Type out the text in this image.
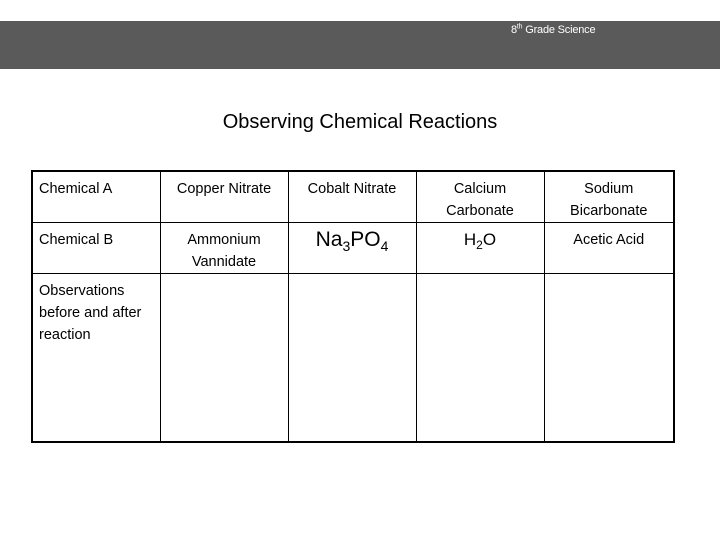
8th Grade Science
Observing Chemical Reactions
Chemical A	Copper Nitrate	Cobalt Nitrate	Calcium Carbonate	Sodium Bicarbonate
Chemical B	Ammonium Vannidate	$Na_3PO_4$	$H_2O$	Acetic Acid
Observations before and after reaction				
